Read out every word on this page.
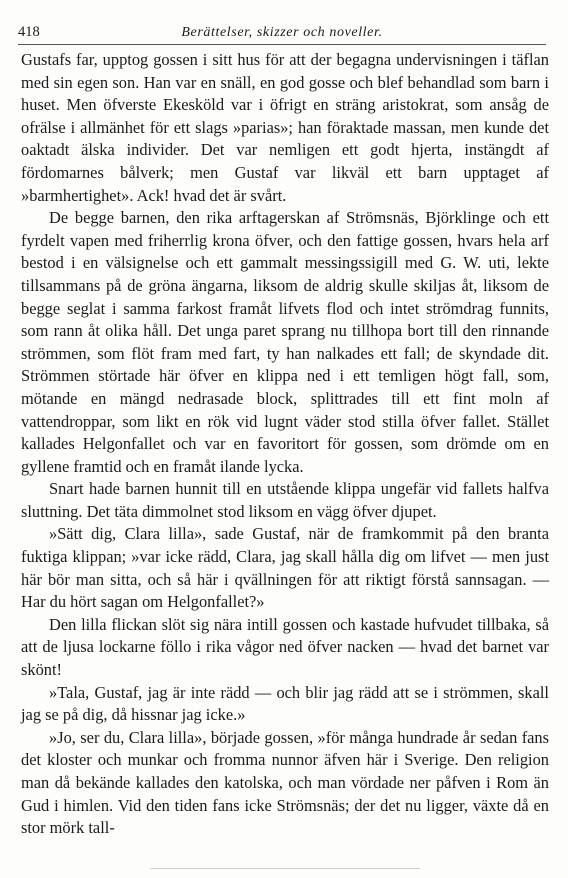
418	Berättelser, skizzer och noveller.

Gustafs far, upptog gossen i sitt hus för att der begagna undervisningen i täflan med sin egen son. Han var en snäll, en god gosse och blef behandlad som barn i huset. Men öfverste Ekesköld var i öfrigt en sträng aristokrat, som ansåg de ofrälse i allmänhet för ett slags »parias»; han föraktade massan, men kunde det oaktadt älska individer. Det var nemligen ett godt hjerta, instängdt af fördomarnes bålverk; men Gustaf var likväl ett barn upptaget af »barmhertighet». Ack! hvad det är svårt.

De begge barnen, den rika arftagerskan af Strömsnäs, Björklinge och ett fyrdelt vapen med friherrlig krona öfver, och den fattige gossen, hvars hela arf bestod i en välsignelse och ett gammalt messingssigill med G. W. uti, lekte tillsammans på de gröna ängarna, liksom de aldrig skulle skiljas åt, liksom de begge seglat i samma farkost framåt lifvets flod och intet strömdrag funnits, som rann åt olika håll. Det unga paret sprang nu tillhopa bort till den rinnande strömmen, som flöt fram med fart, ty han nalkades ett fall; de skyndade dit. Strömmen störtade här öfver en klippa ned i ett temligen högt fall, som, mötande en mängd nedrasade block, splittrades till ett fint moln af vattendroppar, som likt en rök vid lugnt väder stod stilla öfver fallet. Stället kallades Helgonfallet och var en favoritort för gossen, som drömde om en gyllene framtid och en framåt ilande lycka.

Snart hade barnen hunnit till en utstående klippa ungefär vid fallets halfva sluttning. Det täta dimmolnet stod liksom en vägg öfver djupet.

»Sätt dig, Clara lilla», sade Gustaf, när de framkommit på den branta fuktiga klippan; »var icke rädd, Clara, jag skall hålla dig om lifvet — men just här bör man sitta, och så här i qvällningen för att riktigt förstå sannsagan. — Har du hört sagan om Helgonfallet?»

Den lilla flickan slöt sig nära intill gossen och kastade hufvudet tillbaka, så att de ljusa lockarne föllo i rika vågor ned öfver nacken — hvad det barnet var skönt!

»Tala, Gustaf, jag är inte rädd — och blir jag rädd att se i strömmen, skall jag se på dig, då hissnar jag icke.»

»Jo, ser du, Clara lilla», började gossen, »för många hundrade år sedan fans det kloster och munkar och fromma nunnor äfven här i Sverige. Den religion man då bekände kallades den katolska, och man vördade ner påfven i Rom än Gud i himlen. Vid den tiden fans icke Strömsnäs; der det nu ligger, växte då en stor mörk tall-
